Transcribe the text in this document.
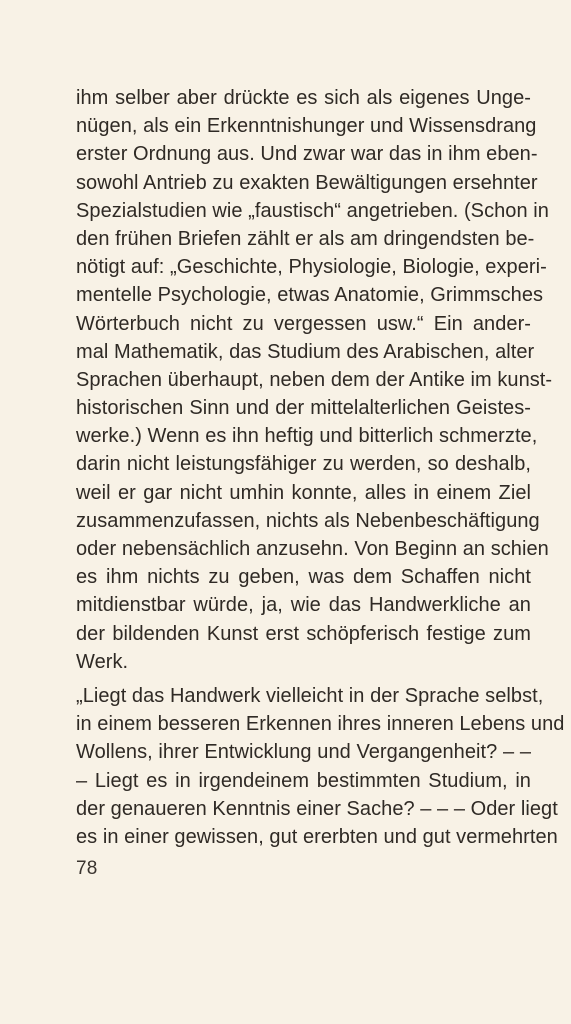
ihm selber aber drückte es sich als eigenes Unge-
nügen, als ein Erkenntnishunger und Wissensdrang
erster Ordnung aus. Und zwar war das in ihm eben-
sowohl Antrieb zu exakten Bewältigungen ersehnter
Spezialstudien wie „faustisch“ angetrieben. (Schon in
den frühen Briefen zählt er als am dringendsten be-
nötigt auf: „Geschichte, Physiologie, Biologie, experi-
mentelle Psychologie, etwas Anatomie, Grimmsches
Wörterbuch nicht zu vergessen usw.“ Ein ander-
mal Mathematik, das Studium des Arabischen, alter
Sprachen überhaupt, neben dem der Antike im kunst-
historischen Sinn und der mittelalterlichen Geistes-
werke.) Wenn es ihn heftig und bitterlich schmerzte,
darin nicht leistungsfähiger zu werden, so deshalb,
weil er gar nicht umhin konnte, alles in einem Ziel
zusammenzufassen, nichts als Nebenbeschäftigung
oder nebensächlich anzusehn. Von Beginn an schien
es ihm nichts zu geben, was dem Schaffen nicht
mitdienstbar würde, ja, wie das Handwerkliche an
der bildenden Kunst erst schöpferisch festige zum
Werk.
„Liegt das Handwerk vielleicht in der Sprache selbst,
in einem besseren Erkennen ihres inneren Lebens und
Wollens, ihrer Entwicklung und Vergangenheit? – –
– Liegt es in irgendeinem bestimmten Studium, in
der genaueren Kenntnis einer Sache? – – – Oder liegt
es in einer gewissen, gut ererbten und gut vermehrten
78
